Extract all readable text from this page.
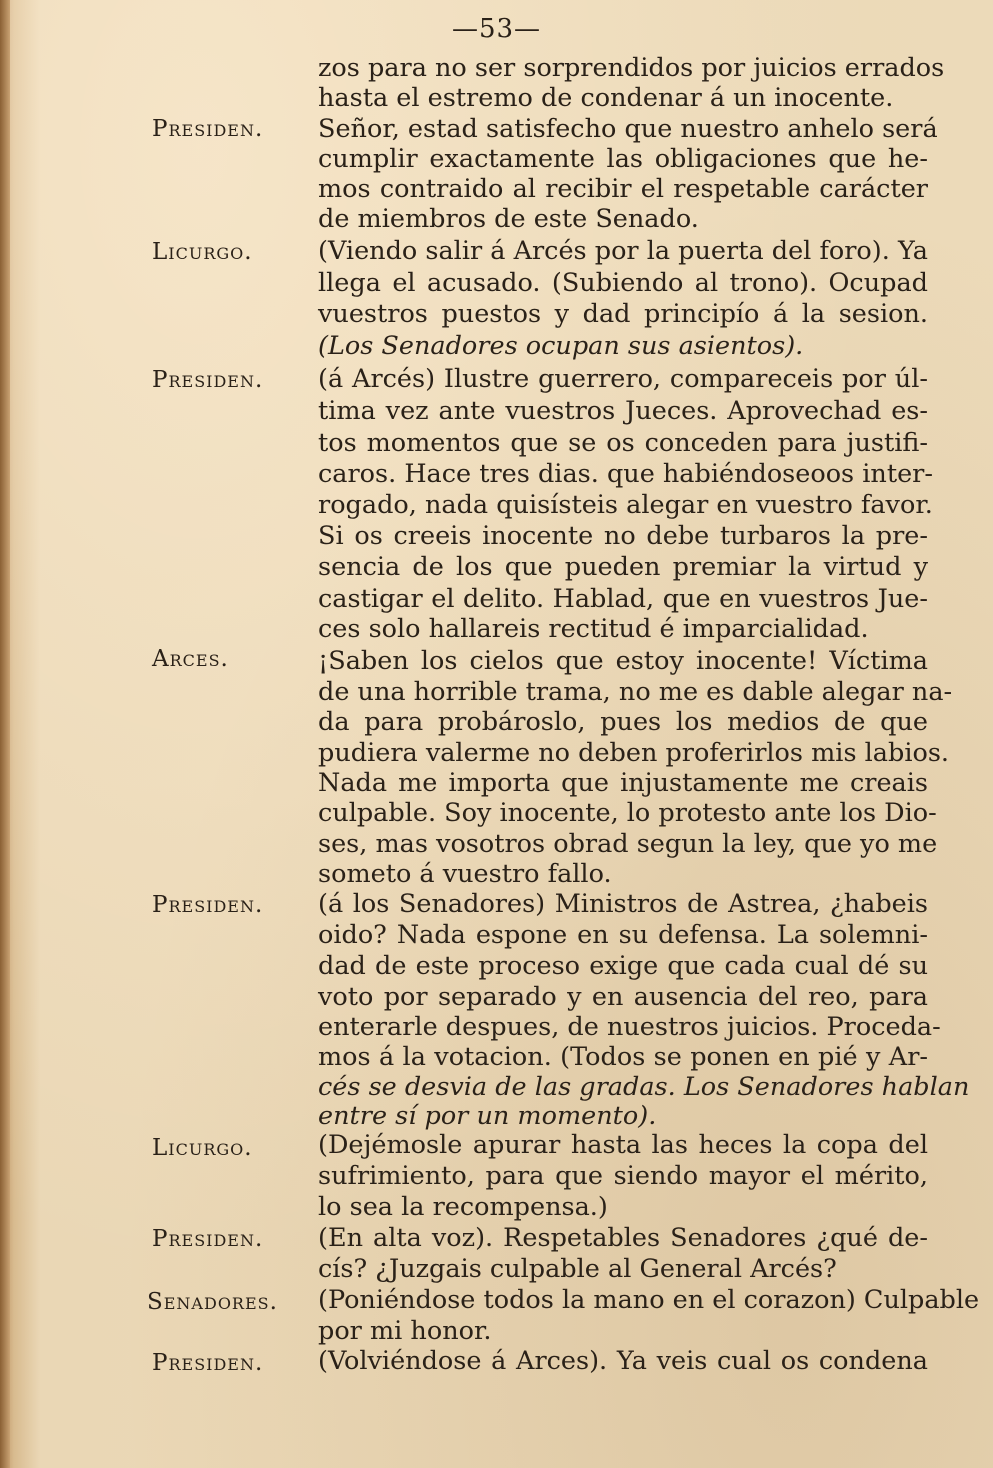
—53—
zos para no ser sorprendidos por juicios errados
hasta el estremo de condenar á un inocente.
Presiden. Señor, estad satisfecho que nuestro anhelo será
cumplir exactamente las obligaciones que he-
mos contraido al recibir el respetable carácter
de miembros de este Senado.
Licurgo.	(Viendo salir á Arcés por la puerta del foro). Ya
llega el acusado. (Subiendo al trono). Ocupad
vuestros puestos y dad principío á la sesion.
(Los Senadores ocupan sus asientos).
Presiden. (á Arcés) Ilustre guerrero, compareceis por úl-
tima vez ante vuestros Jueces. Aprovechad es-
tos momentos que se os conceden para justifi-
caros. Hace tres dias. que habiéndoseoos inter-
rogado, nada quisísteis alegar en vuestro favor.
Si os creeis inocente no debe turbaros la pre-
sencia de los que pueden premiar la virtud y
castigar el delito. Hablad, que en vuestros Jue-
ces solo hallareis rectitud é imparcialidad.
Arces.	¡Saben los cielos que estoy inocente! Víctima
de una horrible trama, no me es dable alegar na-
da para probároslo, pues los medios de que
pudiera valerme no deben proferirlos mis labios.
Nada me importa que injustamente me creais
culpable. Soy inocente, lo protesto ante los Dio-
ses, mas vosotros obrad segun la ley, que yo me
someto á vuestro fallo.
Presiden. (á los Senadores) Ministros de Astrea, ¿habeis
oido? Nada espone en su defensa. La solemni-
dad de este proceso exige que cada cual dé su
voto por separado y en ausencia del reo, para
enterarle despues, de nuestros juicios. Proceda-
mos á la votacion. (Todos se ponen en pié y Ar-
cés se desvia de las gradas. Los Senadores hablan
entre sí por un momento).
Licurgo.	(Dejémosle apurar hasta las heces la copa del
sufrimiento, para que siendo mayor el mérito,
lo sea la recompensa.)
Presiden. (En alta voz). Respetables Senadores ¿qué de-
cís? ¿Juzgais culpable al General Arcés?
Senadores. (Poniéndose todos la mano en el corazon) Culpable
por mi honor.
Presiden. (Volviéndose á Arces). Ya veis cual os condena
